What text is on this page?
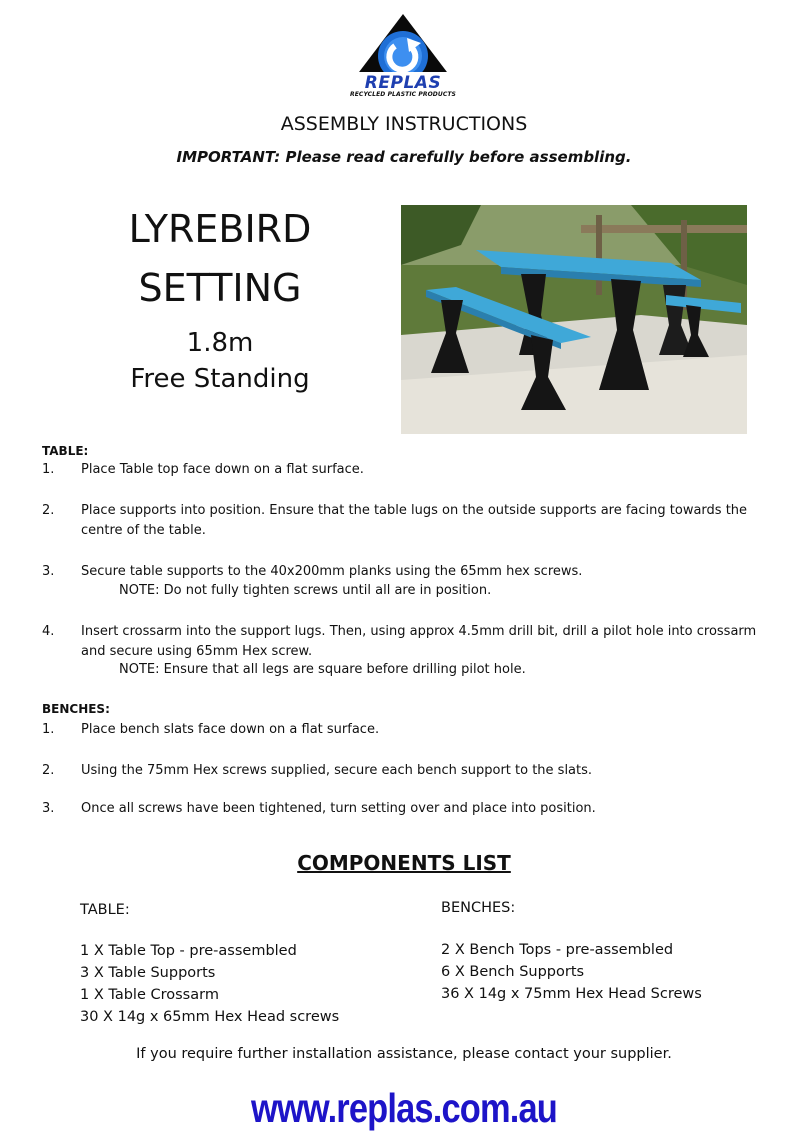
REPLAS
RECYCLED PLASTIC PRODUCTS
ASSEMBLY INSTRUCTIONS
IMPORTANT: Please read carefully before assembling.
LYREBIRD
SETTING
1.8m
Free Standing
TABLE:
1. Place Table top face down on a flat surface.
2. Place supports into position. Ensure that the table lugs on the outside supports are facing towards the centre of the table.
3. Secure table supports to the 40x200mm planks using the 65mm hex screws.
NOTE: Do not fully tighten screws until all are in position.
4. Insert crossarm into the support lugs. Then, using approx 4.5mm drill bit, drill a pilot hole into crossarm and secure using 65mm Hex screw.
NOTE: Ensure that all legs are square before drilling pilot hole.
BENCHES:
1. Place bench slats face down on a flat surface.
2. Using the 75mm Hex screws supplied, secure each bench support to the slats.
3. Once all screws have been tightened, turn setting over and place into position.
COMPONENTS LIST
TABLE:
1 X Table Top - pre-assembled
3 X Table Supports
1 X Table Crossarm
30 X 14g x 65mm Hex Head screws
BENCHES:
2 X Bench Tops - pre-assembled
6 X Bench Supports
36 X 14g x 75mm Hex Head Screws
If you require further installation assistance, please contact your supplier.
www.replas.com.au
